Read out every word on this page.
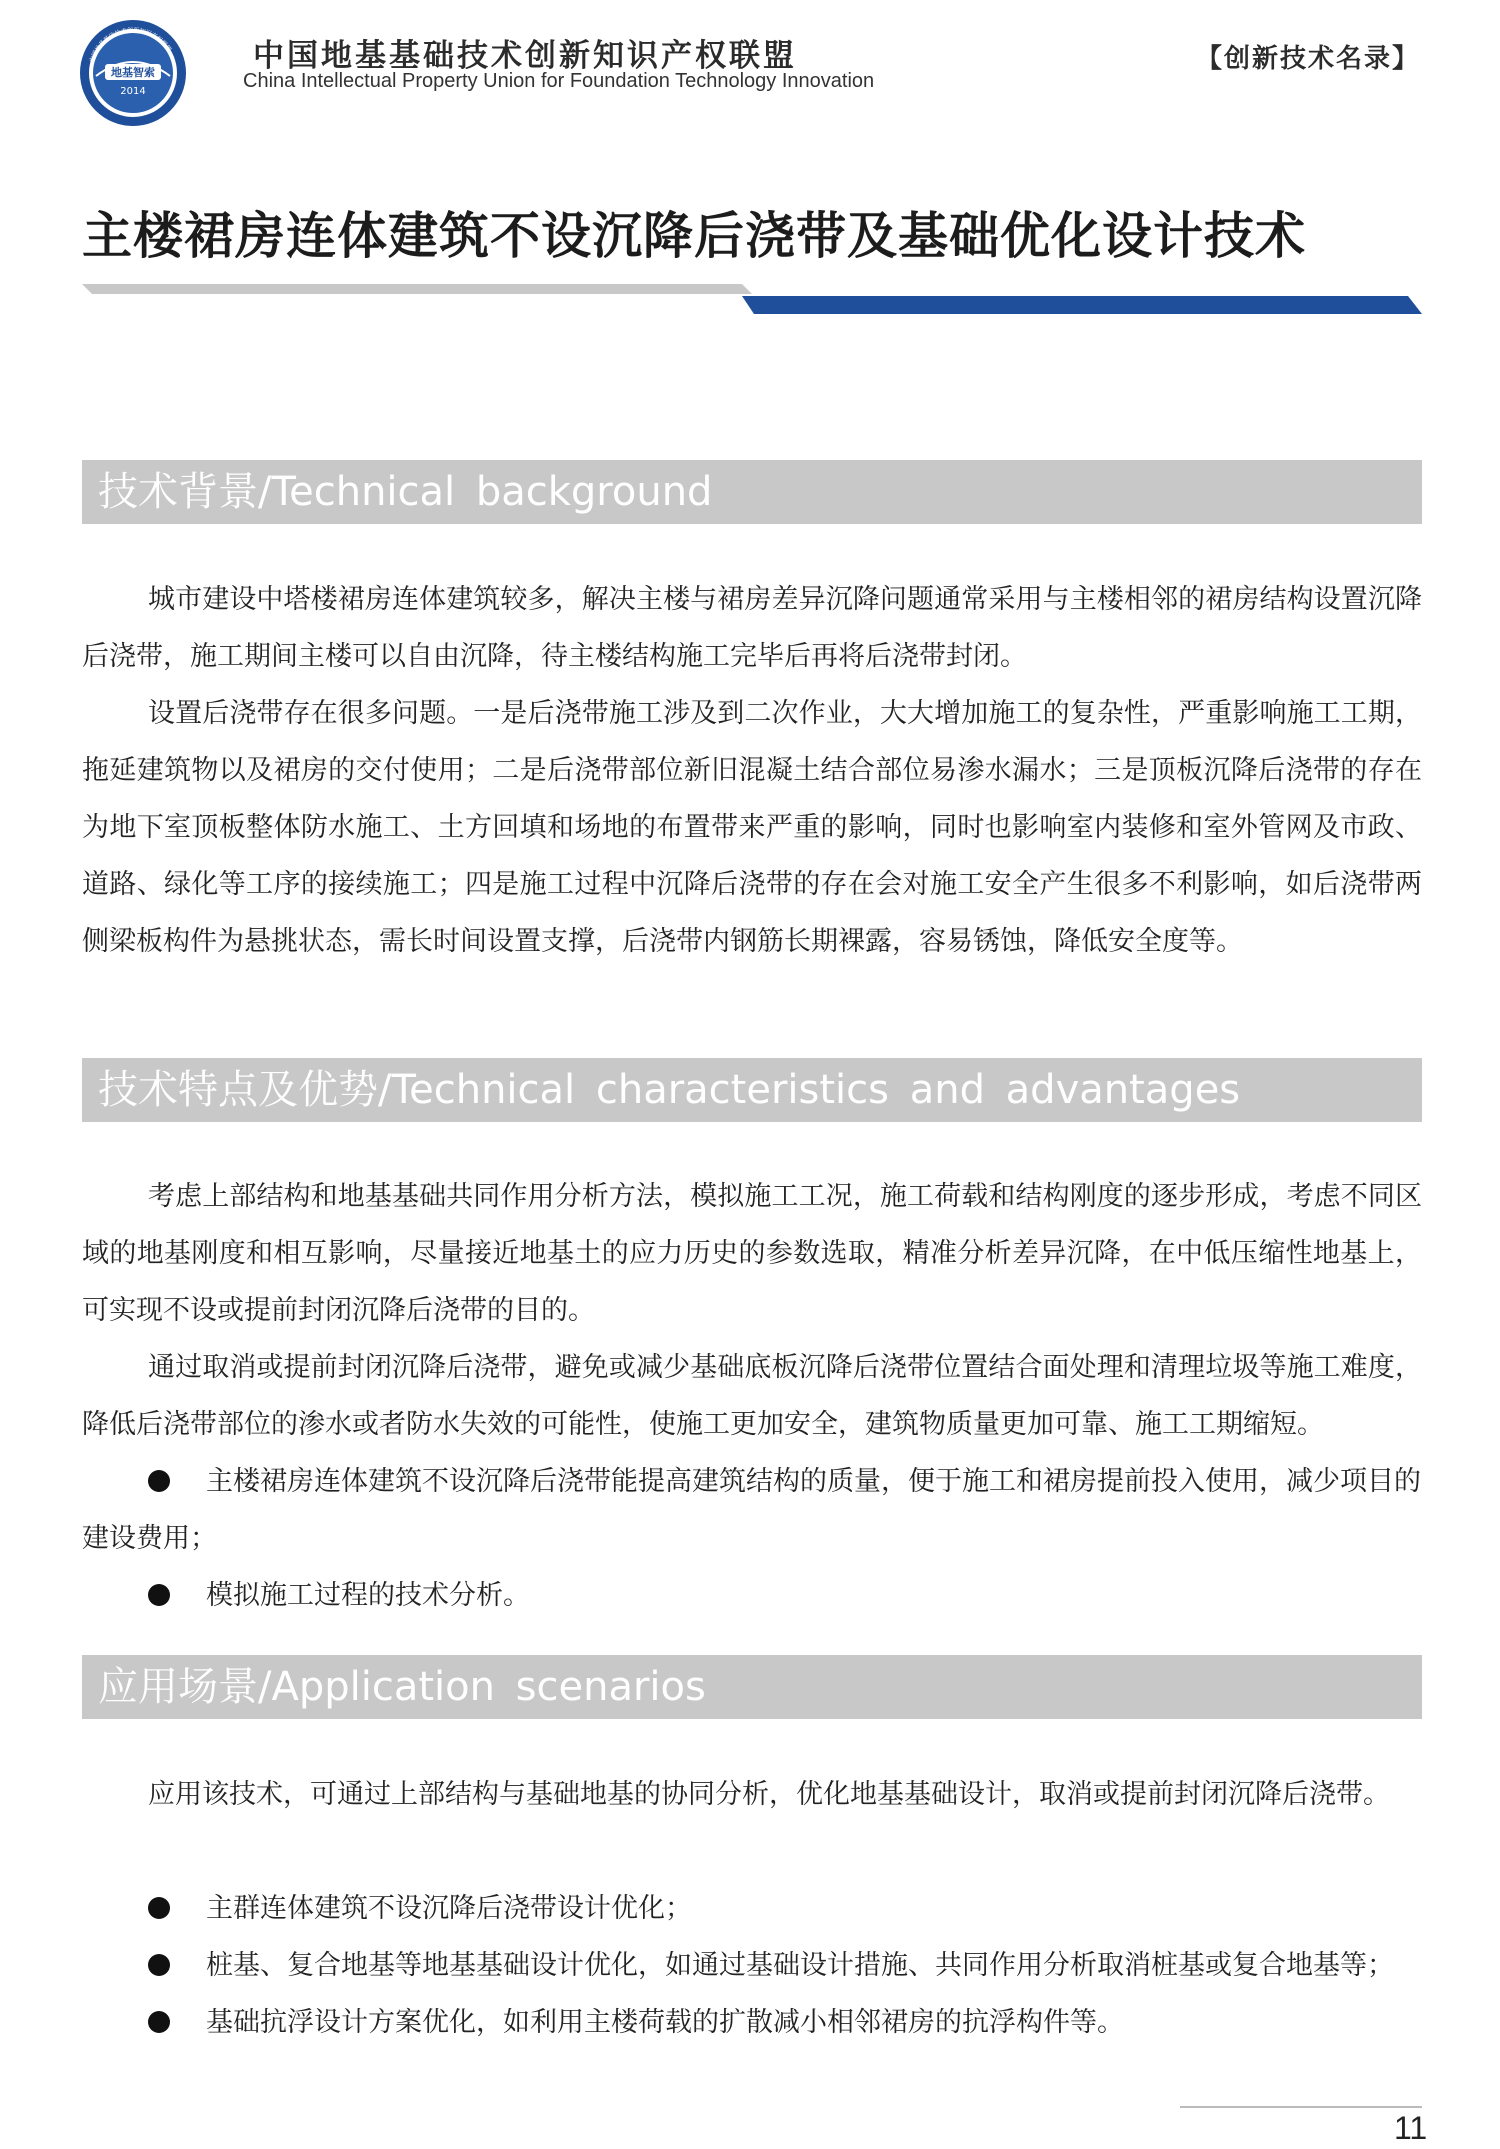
地基智索
2014
中国地基基础技术创新知识产权联盟	中国地基基础技术创新知识产权联盟
China Intellectual Property Union for Foundation Technology Innovation
【创新技术名录】
主楼裙房连体建筑不设沉降后浇带及基础优化设计技术
技术背景/Technical background

城市建设中塔楼裙房连体建筑较多，解决主楼与裙房差异沉降问题通常采用与主楼相邻的裙房结构设置沉降后浇带，施工期间主楼可以自由沉降，待主楼结构施工完毕后再将后浇带封闭。

设置后浇带存在很多问题。一是后浇带施工涉及到二次作业，大大增加施工的复杂性，严重影响施工工期，拖延建筑物以及裙房的交付使用；二是后浇带部位新旧混凝土结合部位易渗水漏水；三是顶板沉降后浇带的存在为地下室顶板整体防水施工、土方回填和场地的布置带来严重的影响，同时也影响室内装修和室外管网及市政、道路、绿化等工序的接续施工；四是施工过程中沉降后浇带的存在会对施工安全产生很多不利影响，如后浇带两侧梁板构件为悬挑状态，需长时间设置支撑，后浇带内钢筋长期裸露，容易锈蚀，降低安全度等。

技术特点及优势/Technical characteristics and advantages

考虑上部结构和地基基础共同作用分析方法，模拟施工工况，施工荷载和结构刚度的逐步形成，考虑不同区域的地基刚度和相互影响，尽量接近地基土的应力历史的参数选取，精准分析差异沉降，在中低压缩性地基上，可实现不设或提前封闭沉降后浇带的目的。

通过取消或提前封闭沉降后浇带，避免或减少基础底板沉降后浇带位置结合面处理和清理垃圾等施工难度，降低后浇带部位的渗水或者防水失效的可能性，使施工更加安全，建筑物质量更加可靠、施工工期缩短。

主楼裙房连体建筑不设沉降后浇带能提高建筑结构的质量，便于施工和裙房提前投入使用，减少项目的建设费用；

模拟施工过程的技术分析。

应用场景/Application scenarios

应用该技术，可通过上部结构与基础地基的协同分析，优化地基基础设计，取消或提前封闭沉降后浇带。

主群连体建筑不设沉降后浇带设计优化；

桩基、复合地基等地基基础设计优化，如通过基础设计措施、共同作用分析取消桩基或复合地基等；

基础抗浮设计方案优化，如利用主楼荷载的扩散减小相邻裙房的抗浮构件等。

11
